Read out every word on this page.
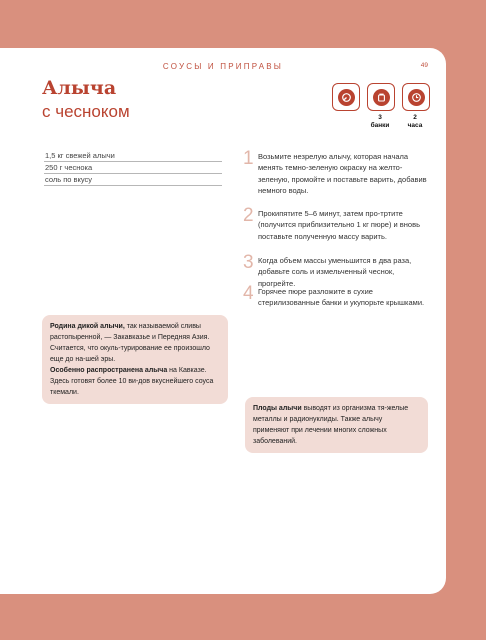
СОУСЫ И ПРИПРАВЫ	49
Алыча
с чесноком	3
банки
2
часа
1,5 кг свежей алычи
250 г чеснока
соль по вкусу
1 Возьмите незрелую алычу, которая начала менять темно-зеленую окраску на желто-зеленую, промойте и поставьте варить, добавив немного воды.
2 Прокипятите 5–6 минут, затем про-тртите (получится приблизительно 1 кг пюре) и вновь поставьте полученную массу варить.
3 Когда объем массы уменьшится в два раза, добавьте соль и измельченный чеснок, прогрейте.
4 Горячее пюре разложите в сухие стерилизованные банки и укупорьте крышками.
Родина дикой алычи, так называемой сливы растопыренной, — Закавказье и Передняя Азия. Считается, что окуль-турирование ее произошло еще до на-шей эры.
Особенно распространена алыча на Кавказе. Здесь готовят более 10 ви-дов вкуснейшего соуса ткемали.
Плоды алычи выводят из организма тя-желые металлы и радионуклиды. Также алычу применяют при лечении многих сложных заболеваний.
